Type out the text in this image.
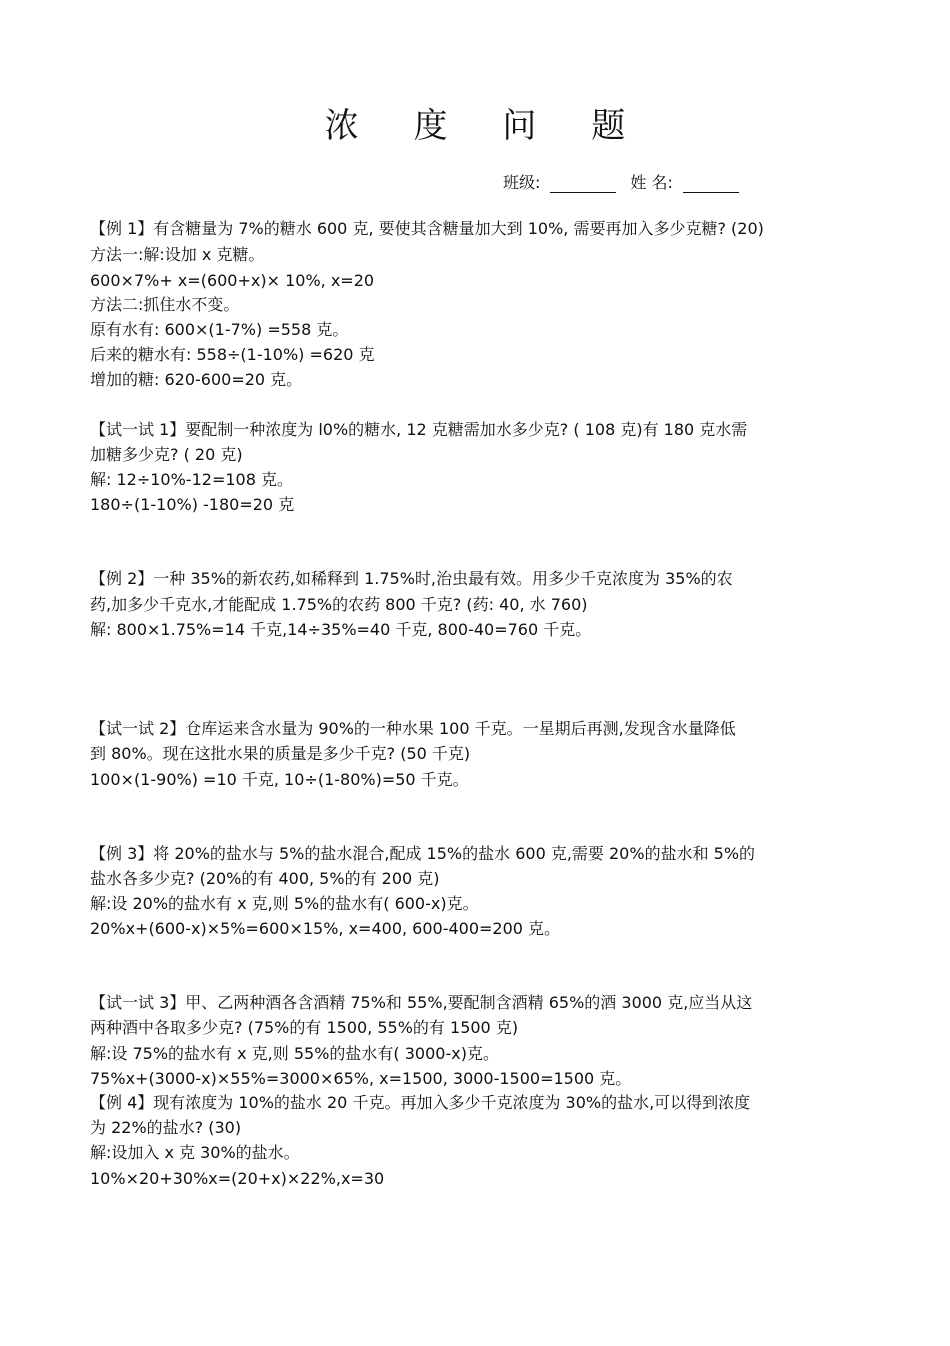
浓 度 问 题
班级:	姓 名:
【例 1】有含糖量为 7%的糖水 600 克, 要使其含糖量加大到 10%, 需要再加入多少克糖? (20)
方法一:解:设加 x 克糖。
600×7%+ x=(600+x)× 10%, x=20
方法二:抓住水不变。
原有水有: 600×(1-7%) =558 克。
后来的糖水有: 558÷(1-10%) =620 克
增加的糖: 620-600=20 克。
【试一试 1】要配制一种浓度为 l0%的糖水, 12 克糖需加水多少克? ( 108 克)有 180 克水需
加糖多少克? ( 20 克)
解: 12÷10%-12=108 克。
180÷(1-10%) -180=20 克
【例 2】一种 35%的新农药,如稀释到 1.75%时,治虫最有效。用多少千克浓度为 35%的农
药,加多少千克水,才能配成 1.75%的农药 800 千克? (药: 40, 水 760)
解: 800×1.75%=14 千克,14÷35%=40 千克, 800-40=760 千克。
【试一试 2】仓库运来含水量为 90%的一种水果 100 千克。一星期后再测,发现含水量降低
到 80%。现在这批水果的质量是多少千克? (50 千克)
100×(1-90%) =10 千克, 10÷(1-80%)=50 千克。
【例 3】将 20%的盐水与 5%的盐水混合,配成 15%的盐水 600 克,需要 20%的盐水和 5%的
盐水各多少克? (20%的有 400, 5%的有 200 克)
解:设 20%的盐水有 x 克,则 5%的盐水有( 600-x)克。
20%x+(600-x)×5%=600×15%, x=400, 600-400=200 克。
【试一试 3】甲、乙两种酒各含酒精 75%和 55%,要配制含酒精 65%的酒 3000 克,应当从这
两种酒中各取多少克? (75%的有 1500, 55%的有 1500 克)
解:设 75%的盐水有 x 克,则 55%的盐水有( 3000-x)克。
75%x+(3000-x)×55%=3000×65%, x=1500, 3000-1500=1500 克。
【例 4】现有浓度为 10%的盐水 20 千克。再加入多少千克浓度为 30%的盐水,可以得到浓度
为 22%的盐水? (30)
解:设加入 x 克 30%的盐水。
10%×20+30%x=(20+x)×22%,x=30
